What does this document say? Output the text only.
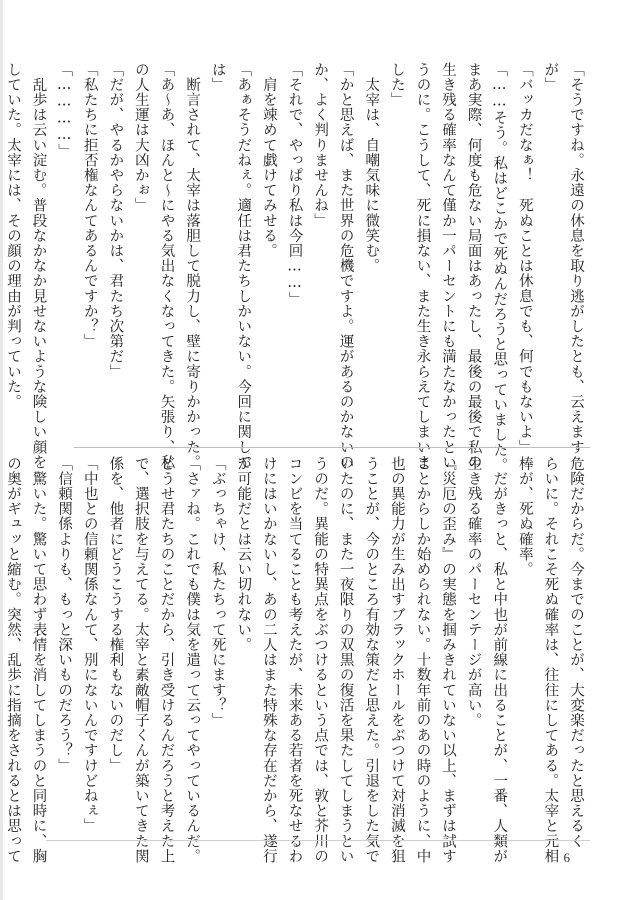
「そうですね。永遠の休息を取り逃がしたとも、云えます

が」

「バッカだなぁ！　死ぬことは休息でも、何でもないよ」

「……そう。私はどこかで死ぬんだろうと思っていました。

まあ実際、何度も危ない局面はあったし、最後の最後で私の

生き残る確率なんて僅か一パーセントにも満たなかったとい

うのに。こうして、死に損ない、また生き永らえてしまいま

した」

　太宰は、自嘲気味に微笑む。

「かと思えば、また世界の危機ですよ。運があるのかないの

か、よく判りませんね」

「それで、やっぱり私は今回……」

　肩を竦めて戯けてみせる。

「あぁそうだねぇ。適任は君たちしかいない。今回に関して

は」

　断言されて、太宰は落胆して脱力し、壁に寄りかかった。

「あ～あ、ほんと～にやる気出なくなってきた。矢張り、私

の人生運は大凶かぉ」

「だが、やるかやらないかは、君たち次第だ」

「私たちに拒否権なんてあるんですか？」

「…………」

　乱歩は云い淀む。普段なかなか見せないような険しい顔を

していた。太宰には、その顔の理由が判っていた。

危険だからだ。今までのことが、大変楽だったと思えるく

らいに。それこそ死ぬ確率は、往往にしてある。太宰と元相

棒が、死ぬ確率。

　だがきっと、私と中也が前線に出ることが、一番、人類が

生き残る確率のパーセンテージが高い。

『災厄の歪み』の実態を掴みきれていない以上、まずは試す

ことからしか始められない。十数年前のあの時のように、中

也の異能力が生み出すブラックホールをぶつけて対消滅を狙

うことが、今のところ有効な策だと思えた。引退をした気で

いたのに、また一夜限りの双黒の復活を果たしてしまうとい

うのだ。異能の特異点をぶつけるという点では、敦と芥川の

コンビを当てることも考えたが、未来ある若者を死なせるわ

けにはいかないし、あの二人はまた特殊な存在だから、遂行

が可能だとは云い切れない。

「ぶっちゃけ、私たちって死にます？」

「さァね。これでも僕は気を遣って云ってやっているんだ。

どうせ君たちのことだから、引き受けるんだろうと考えた上

で、選択肢を与えてる。太宰と素敵帽子くんが築いてきた関

係を、他者にどうこうする権利もないのだし」

「中也との信頼関係なんて、別にないんですけどねぇ」

「信頼関係よりも、もっと深いものだろう？」

　驚いた。驚いて思わず表情を消してしまうのと同時に、胸

の奥がギュッと縮む。突然、乱歩に指摘をされるとは思って	6
